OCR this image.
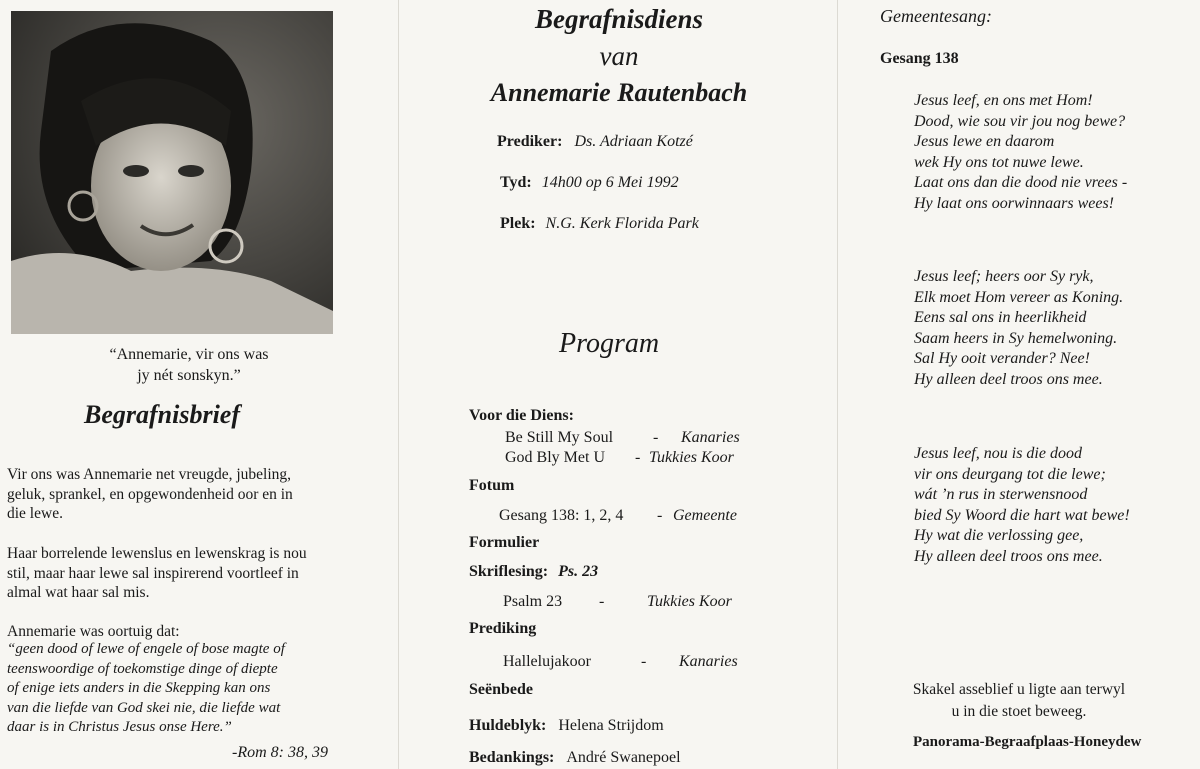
“Annemarie, vir ons was
jy nét sonskyn.”
Begrafnisbrief
Vir ons was Annemarie net vreugde, jubeling,
geluk, sprankel, en opgewondenheid oor en in
die lewe.
Haar borrelende lewenslus en lewenskrag is nou
stil, maar haar lewe sal inspirerend voortleef in
almal wat haar sal mis.
Annemarie was oortuig dat:
“geen dood of lewe of engele of bose magte of
teenswoordige of toekomstige dinge of diepte
of enige iets anders in die Skepping kan ons
van die liefde van God skei nie, die liefde wat
daar is in Christus Jesus onse Here.”
-Rom 8: 38, 39
Begrafnisdiens
van
Annemarie Rautenbach
Prediker: Ds. Adriaan Kotzé
Tyd: 14h00 op 6 Mei 1992
Plek: N.G. Kerk Florida Park
Program
Voor die Diens:
Be Still My Soul - Kanaries
God Bly Met U - Tukkies Koor
Fotum
Gesang 138: 1, 2, 4 - Gemeente
Formulier
Skriflesing: Ps. 23
Psalm 23 -	Tukkies Koor
Prediking
Hallelujakoor	- Kanaries
Seënbede
Huldeblyk: Helena Strijdom
Bedankings: André Swanepoel
Gemeentesang:
Gesang 138
Jesus leef, en ons met Hom!
Dood, wie sou vir jou nog bewe?
Jesus lewe en daarom
wek Hy ons tot nuwe lewe.
Laat ons dan die dood nie vrees -
Hy laat ons oorwinnaars wees!
Jesus leef; heers oor Sy ryk,
Elk moet Hom vereer as Koning.
Eens sal ons in heerlikheid
Saam heers in Sy hemelwoning.
Sal Hy ooit verander? Nee!
Hy alleen deel troos ons mee.
Jesus leef, nou is die dood
vir ons deurgang tot die lewe;
wát ’n rus in sterwensnood
bied Sy Woord die hart wat bewe!
Hy wat die verlossing gee,
Hy alleen deel troos ons mee.
Skakel asseblief u ligte aan terwyl
u in die stoet beweeg.
Panorama-Begraafplaas-Honeydew
